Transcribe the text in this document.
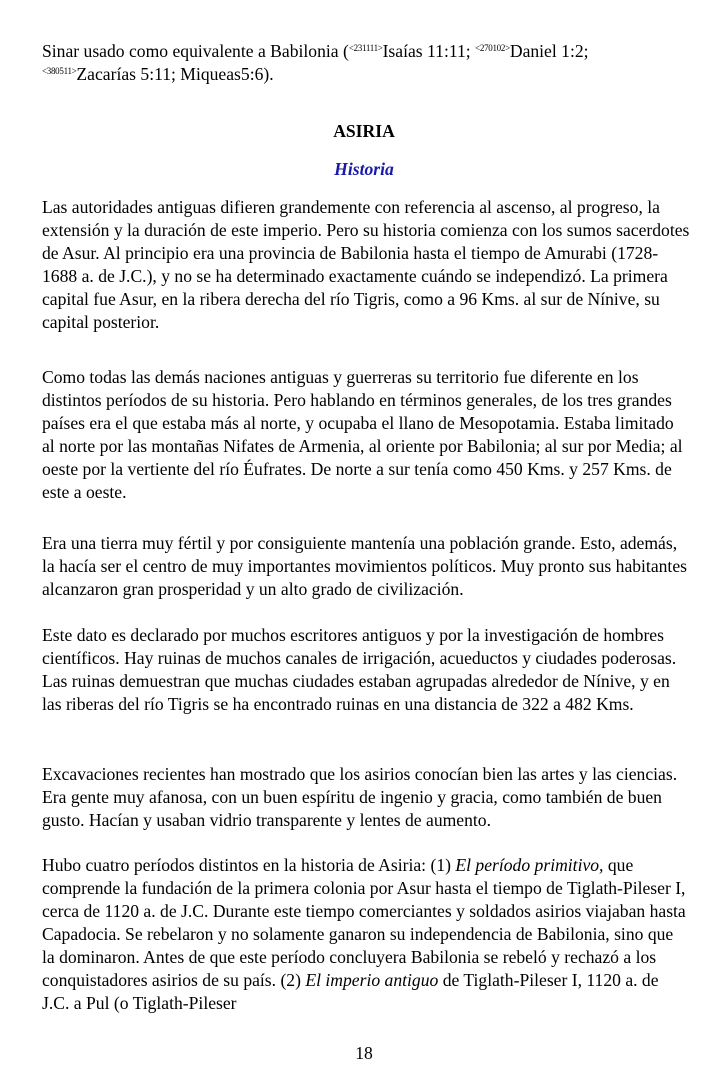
Sinar usado como equivalente a Babilonia ($^{<231111>}$Isaías 11:11; $^{<270102>}$Daniel 1:2;
$^{<380511>}$Zacarías 5:11; Miqueas5:6).

ASIRIA
Historia

Las autoridades antiguas difieren grandemente con referencia al ascenso, al progreso, la extensión y la duración de este imperio. Pero su historia comienza con los sumos sacerdotes de Asur. Al principio era una provincia de Babilonia hasta el tiempo de Amurabi (1728- 1688 a. de J.C.), y no se ha determinado exactamente cuándo se independizó. La primera capital fue Asur, en la ribera derecha del río Tigris, como a 96 Kms. al sur de Nínive, su capital posterior.

Como todas las demás naciones antiguas y guerreras su territorio fue diferente en los distintos períodos de su historia. Pero hablando en términos generales, de los tres grandes países era el que estaba más al norte, y ocupaba el llano de Mesopotamia. Estaba limitado al norte por las montañas Nifates de Armenia, al oriente por Babilonia; al sur por Media; al oeste por la vertiente del río Éufrates. De norte a sur tenía como 450 Kms. y 257 Kms. de este a oeste.

Era una tierra muy fértil y por consiguiente mantenía una población grande. Esto, además, la hacía ser el centro de muy importantes movimientos políticos. Muy pronto sus habitantes alcanzaron gran prosperidad y un alto grado de civilización.

Este dato es declarado por muchos escritores antiguos y por la investigación de hombres científicos. Hay ruinas de muchos canales de irrigación, acueductos y ciudades poderosas. Las ruinas demuestran que muchas ciudades estaban agrupadas alrededor de Nínive, y en las riberas del río Tigris se ha encontrado ruinas en una distancia de 322 a 482 Kms.

Excavaciones recientes han mostrado que los asirios conocían bien las artes y las ciencias. Era gente muy afanosa, con un buen espíritu de ingenio y gracia, como también de buen gusto. Hacían y usaban vidrio transparente y lentes de aumento.

Hubo cuatro períodos distintos en la historia de Asiria: (1) El período primitivo, que comprende la fundación de la primera colonia por Asur hasta el tiempo de Tiglath-Pileser I, cerca de 1120 a. de J.C. Durante este tiempo comerciantes y soldados asirios viajaban hasta Capadocia. Se rebelaron y no solamente ganaron su independencia de Babilonia, sino que la dominaron. Antes de que este período concluyera Babilonia se rebeló y rechazó a los conquistadores asirios de su país. (2) El imperio antiguo de Tiglath-Pileser I, 1120 a. de J.C. a Pul (o Tiglath-Pileser

18
